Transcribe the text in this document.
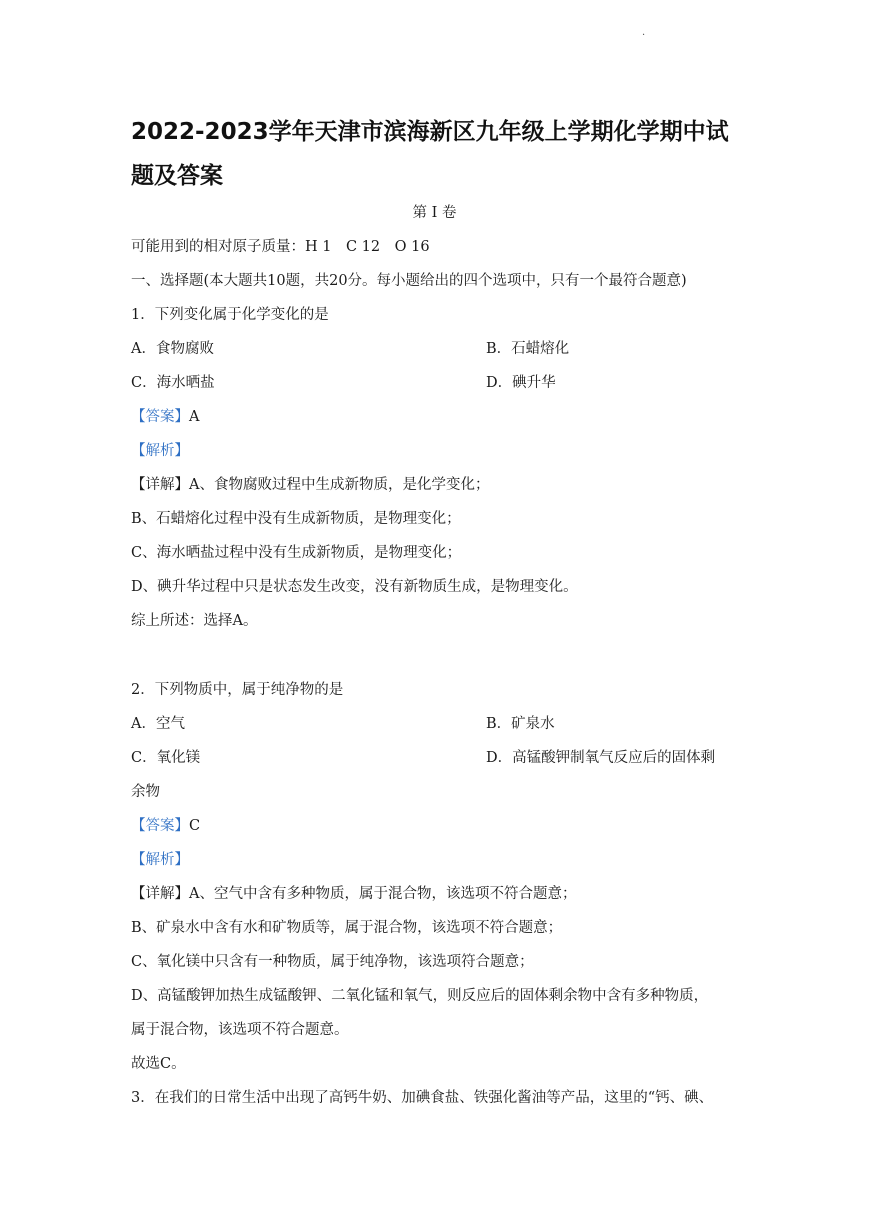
·
2022-2023学年天津市滨海新区九年级上学期化学期中试题及答案
第 I 卷
可能用到的相对原子质量：H 1　C 12　O 16
一、选择题(本大题共10题，共20分。每小题给出的四个选项中，只有一个最符合题意)
1．下列变化属于化学变化的是
A．食物腐败	B．石蜡熔化
C．海水晒盐	D．碘升华
【答案】A
【解析】
【详解】A、食物腐败过程中生成新物质，是化学变化；
B、石蜡熔化过程中没有生成新物质，是物理变化；
C、海水晒盐过程中没有生成新物质，是物理变化；
D、碘升华过程中只是状态发生改变，没有新物质生成，是物理变化。
综上所述：选择A。
2．下列物质中，属于纯净物的是
A．空气	B．矿泉水
C．氧化镁	D．高锰酸钾制氧气反应后的固体剩
余物
【答案】C
【解析】
【详解】A、空气中含有多种物质，属于混合物，该选项不符合题意；
B、矿泉水中含有水和矿物质等，属于混合物，该选项不符合题意；
C、氧化镁中只含有一种物质，属于纯净物，该选项符合题意；
D、高锰酸钾加热生成锰酸钾、二氧化锰和氧气，则反应后的固体剩余物中含有多种物质，
属于混合物，该选项不符合题意。
故选C。
3．在我们的日常生活中出现了高钙牛奶、加碘食盐、铁强化酱油等产品，这里的“钙、碘、
